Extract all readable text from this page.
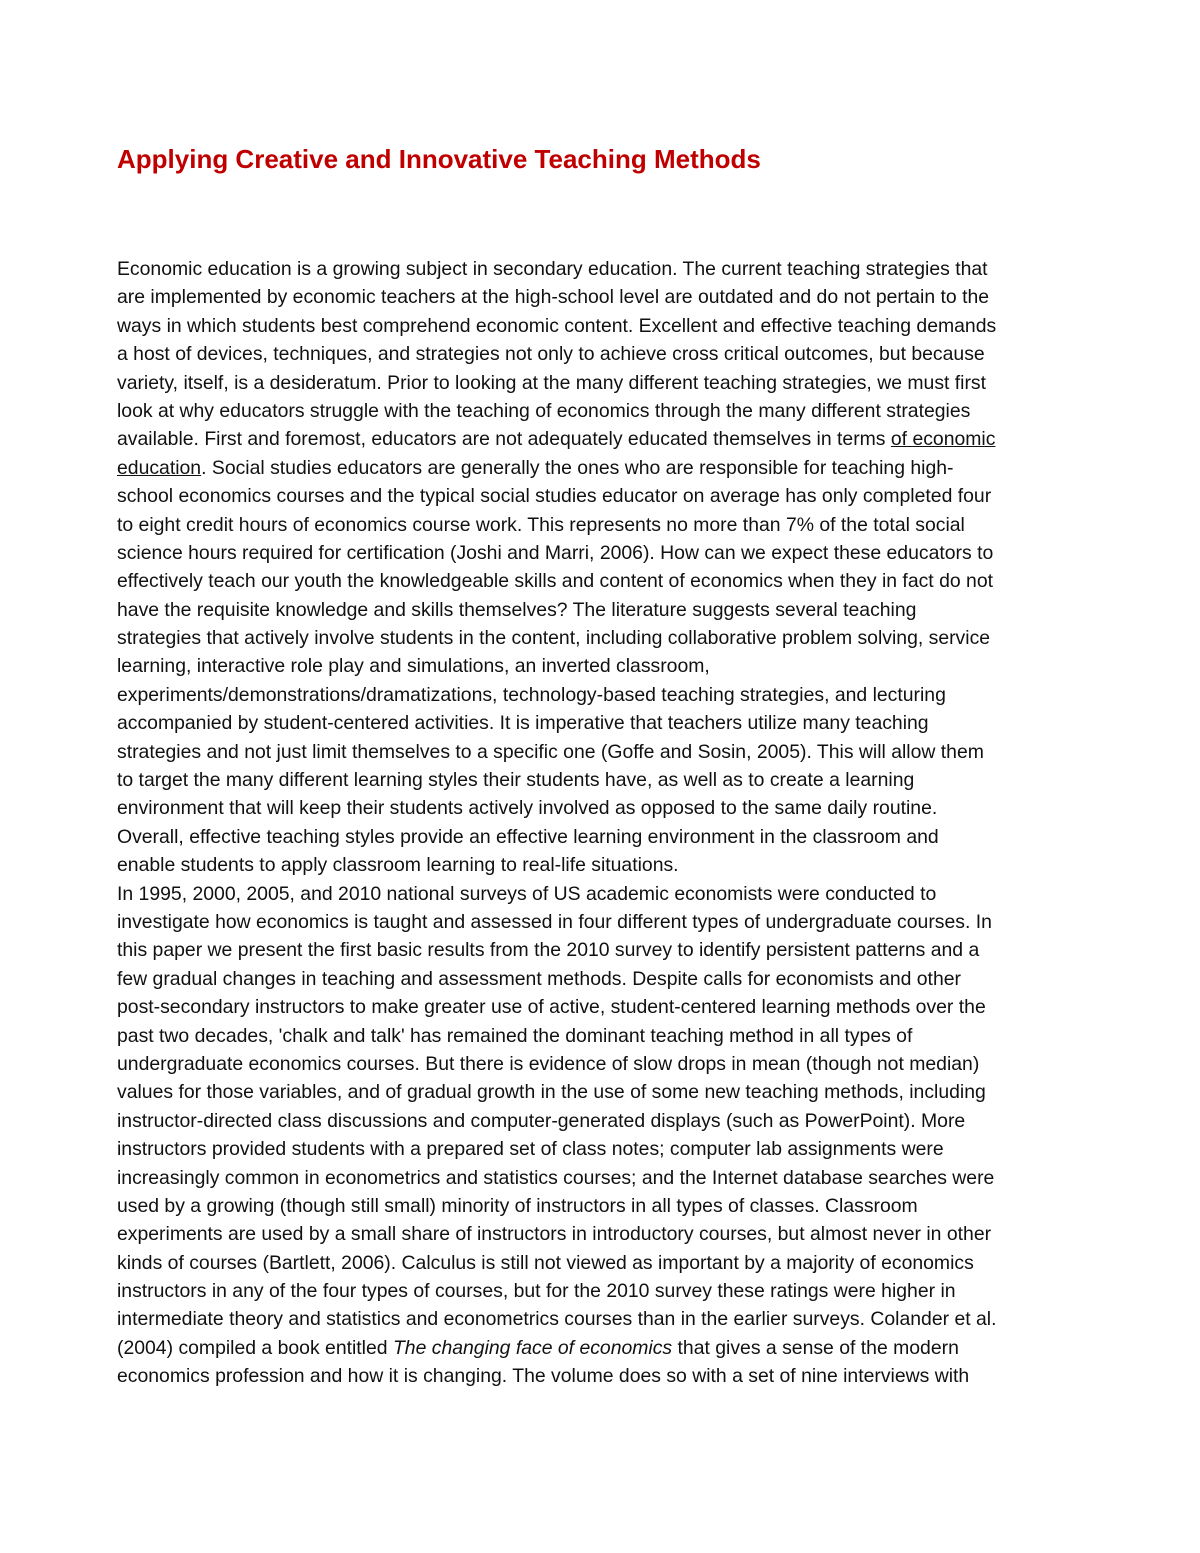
Applying Creative and Innovative Teaching Methods
Economic education is a growing subject in secondary education. The current teaching strategies that
are implemented by economic teachers at the high-school level are outdated and do not pertain to the
ways in which students best comprehend economic content. Excellent and effective teaching demands
a host of devices, techniques, and strategies not only to achieve cross critical outcomes, but because
variety, itself, is a desideratum. Prior to looking at the many different teaching strategies, we must first
look at why educators struggle with the teaching of economics through the many different strategies
available. First and foremost, educators are not adequately educated themselves in terms of economic
education. Social studies educators are generally the ones who are responsible for teaching high-
school economics courses and the typical social studies educator on average has only completed four
to eight credit hours of economics course work. This represents no more than 7% of the total social
science hours required for certification (Joshi and Marri, 2006). How can we expect these educators to
effectively teach our youth the knowledgeable skills and content of economics when they in fact do not
have the requisite knowledge and skills themselves? The literature suggests several teaching
strategies that actively involve students in the content, including collaborative problem solving, service
learning, interactive role play and simulations, an inverted classroom,
experiments/demonstrations/dramatizations, technology-based teaching strategies, and lecturing
accompanied by student-centered activities. It is imperative that teachers utilize many teaching
strategies and not just limit themselves to a specific one (Goffe and Sosin, 2005). This will allow them
to target the many different learning styles their students have, as well as to create a learning
environment that will keep their students actively involved as opposed to the same daily routine.
Overall, effective teaching styles provide an effective learning environment in the classroom and
enable students to apply classroom learning to real-life situations.
In 1995, 2000, 2005, and 2010 national surveys of US academic economists were conducted to
investigate how economics is taught and assessed in four different types of undergraduate courses. In
this paper we present the first basic results from the 2010 survey to identify persistent patterns and a
few gradual changes in teaching and assessment methods. Despite calls for economists and other
post-secondary instructors to make greater use of active, student-centered learning methods over the
past two decades, 'chalk and talk' has remained the dominant teaching method in all types of
undergraduate economics courses. But there is evidence of slow drops in mean (though not median)
values for those variables, and of gradual growth in the use of some new teaching methods, including
instructor-directed class discussions and computer-generated displays (such as PowerPoint). More
instructors provided students with a prepared set of class notes; computer lab assignments were
increasingly common in econometrics and statistics courses; and the Internet database searches were
used by a growing (though still small) minority of instructors in all types of classes. Classroom
experiments are used by a small share of instructors in introductory courses, but almost never in other
kinds of courses (Bartlett, 2006). Calculus is still not viewed as important by a majority of economics
instructors in any of the four types of courses, but for the 2010 survey these ratings were higher in
intermediate theory and statistics and econometrics courses than in the earlier surveys. Colander et al.
(2004) compiled a book entitled The changing face of economics that gives a sense of the modern
economics profession and how it is changing. The volume does so with a set of nine interviews with
